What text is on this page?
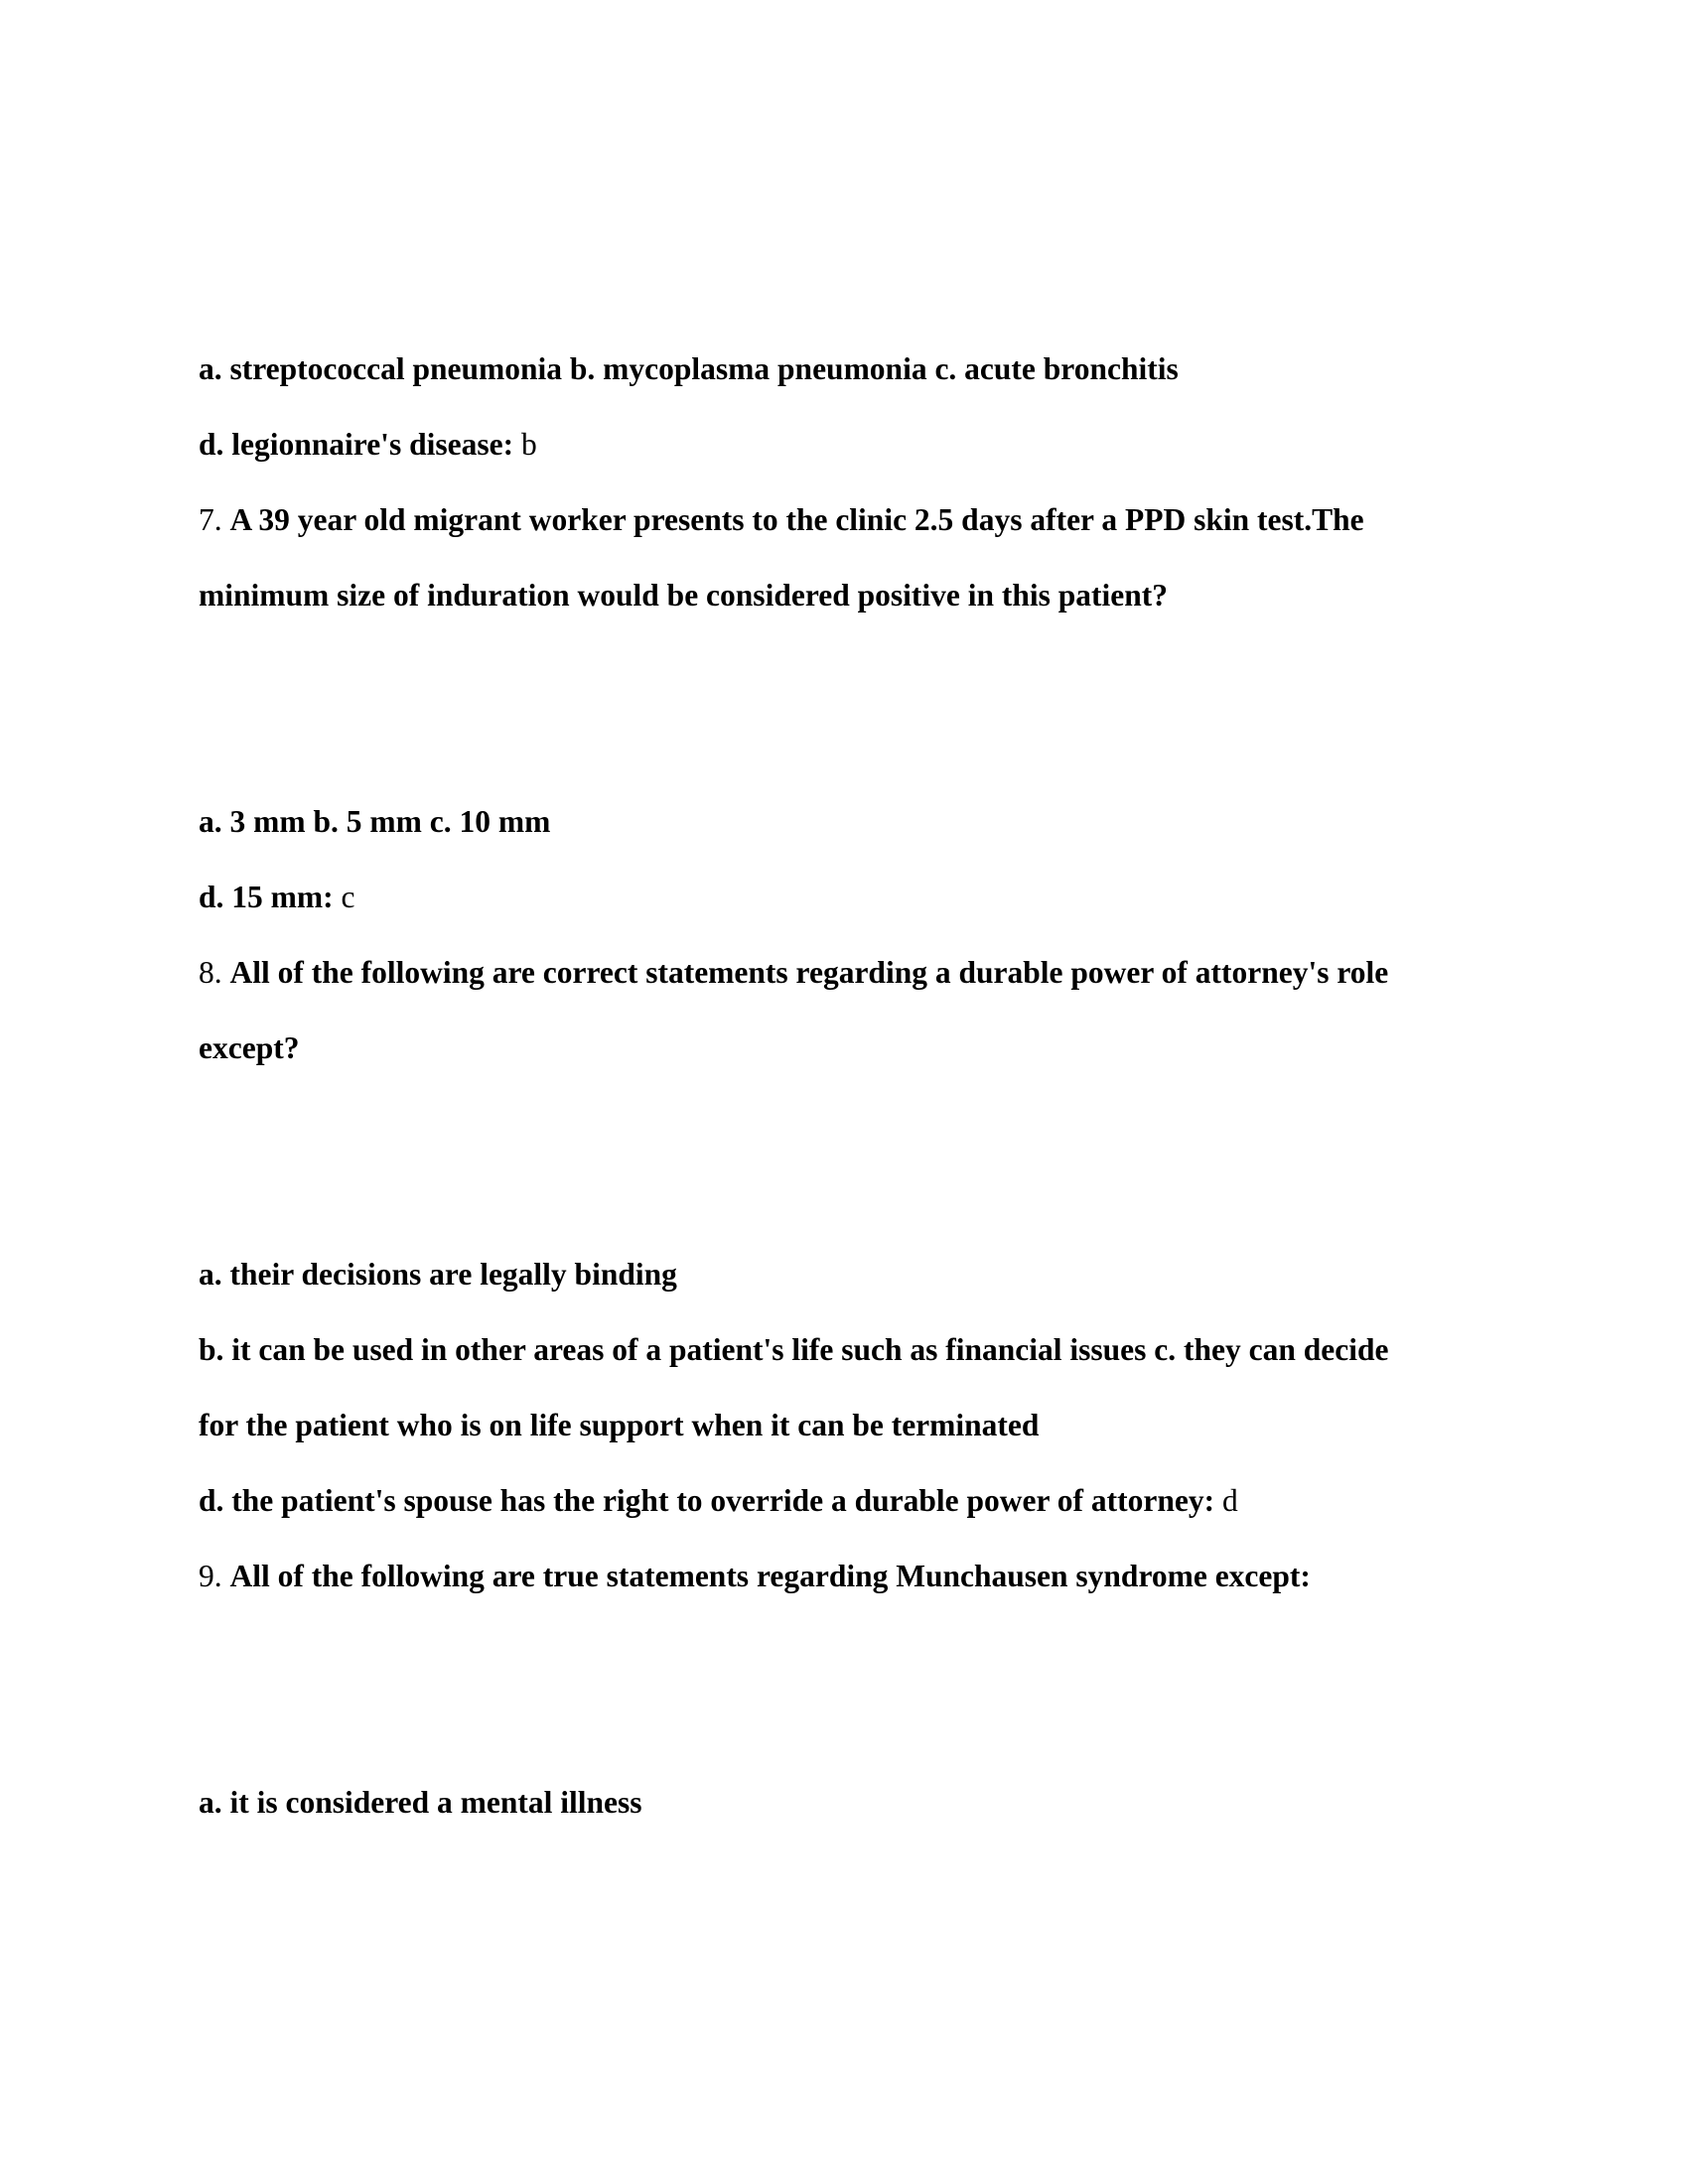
a. streptococcal pneumonia b. mycoplasma pneumonia c. acute bronchitis
d. legionnaire's disease: b
7. A 39 year old migrant worker presents to the clinic 2.5 days after a PPD skin test.The
minimum size of induration would be considered positive in this patient?
a. 3 mm b. 5 mm c. 10 mm
d. 15 mm: c
8. All of the following are correct statements regarding a durable power of attorney's role
except?
a. their decisions are legally binding
b. it can be used in other areas of a patient's life such as financial issues c. they can decide
for the patient who is on life support when it can be terminated
d. the patient's spouse has the right to override a durable power of attorney: d
9. All of the following are true statements regarding Munchausen syndrome except:
a. it is considered a mental illness
